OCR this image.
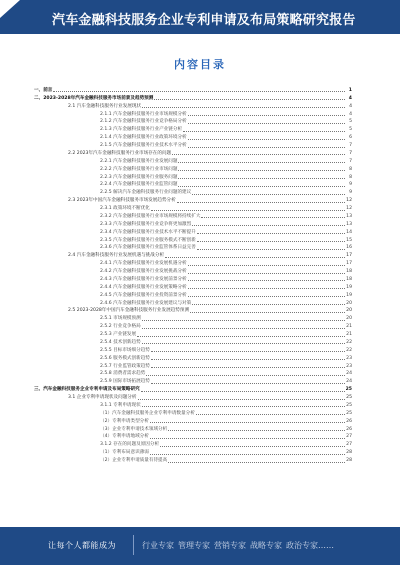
汽车金融科技服务企业专利申请及布局策略研究报告
内容目录
一、前言	1
二、2023-2028年汽车金融科技服务市场前景及趋势预测	4
2.1 汽车金融科技服务行业发展现状	4
2.1.1 汽车金融科技服务行业市场规模分析	4
2.1.2 汽车金融科技服务行业竞争格局分析	5
2.1.3 汽车金融科技服务行业产业链分析	5
2.1.4 汽车金融科技服务行业政策环境分析	6
2.1.5 汽车金融科技服务行业技术水平分析	7
2.2 2023年汽车金融科技服务行业市场存在的问题	7
2.2.1 汽车金融科技服务行业发展问题	7
2.2.2 汽车金融科技服务行业市场问题	8
2.2.3 汽车金融科技服务行业服务问题	8
2.2.4 汽车金融科技服务行业监管问题	9
2.2.5 解决汽车金融科技服务行业问题的建议	9
2.3 2023年中国汽车金融科技服务市场发展趋势分析	12
2.3.1 政策环境不断优化	12
2.3.2 汽车金融科技服务行业市场规模将持续扩大	13
2.3.3 汽车金融科技服务行业竞争将更加激烈	13
2.3.4 汽车金融科技服务行业技术水平不断提升	14
2.3.5 汽车金融科技服务行业服务模式不断创新	15
2.3.6 汽车金融科技服务行业监管体系日益完善	16
2.4 汽车金融科技服务行业发展机遇与挑战分析	17
2.4.1 汽车金融科技服务行业发展机遇分析	17
2.4.2 汽车金融科技服务行业发展挑战分析	18
2.4.3 汽车金融科技服务行业发展前景分析	18
2.4.4 汽车金融科技服务行业发展策略分析	19
2.4.5 汽车金融科技服务行业投资前景分析	19
2.4.6 汽车金融科技服务行业发展建议与对策	20
2.5 2023-2028年中国汽车金融科技服务行业发展趋势预测	20
2.5.1 市场规模预测	20
2.5.2 行业竞争格局	21
2.5.3 产业链发展	21
2.5.4 技术创新趋势	22
2.5.5 目标市场细分趋势	22
2.5.6 服务模式创新趋势	23
2.5.7 行业监管政策趋势	23
2.5.8 消费者需求趋势	24
2.5.9 国际市场拓展趋势	24
三、汽车金融科技服务企业专利申请及布局策略研究	25
3.1 企业专利申请现状及问题分析	25
3.1.1 专利申请现状	25
（1）汽车金融科技服务企业专利申请数量分析	25
（2）专利申请类型分析	26
（3）企业专利申请技术领域分析	26
（4）专利申请地域分析	27
3.1.2 存在的问题及原因分析	27
（1）专利布局意识薄弱	28
（2）企业专利申请质量有待提高	28
让每个人都能成为	行业专家 管理专家 营销专家 战略专家 政治专家……
